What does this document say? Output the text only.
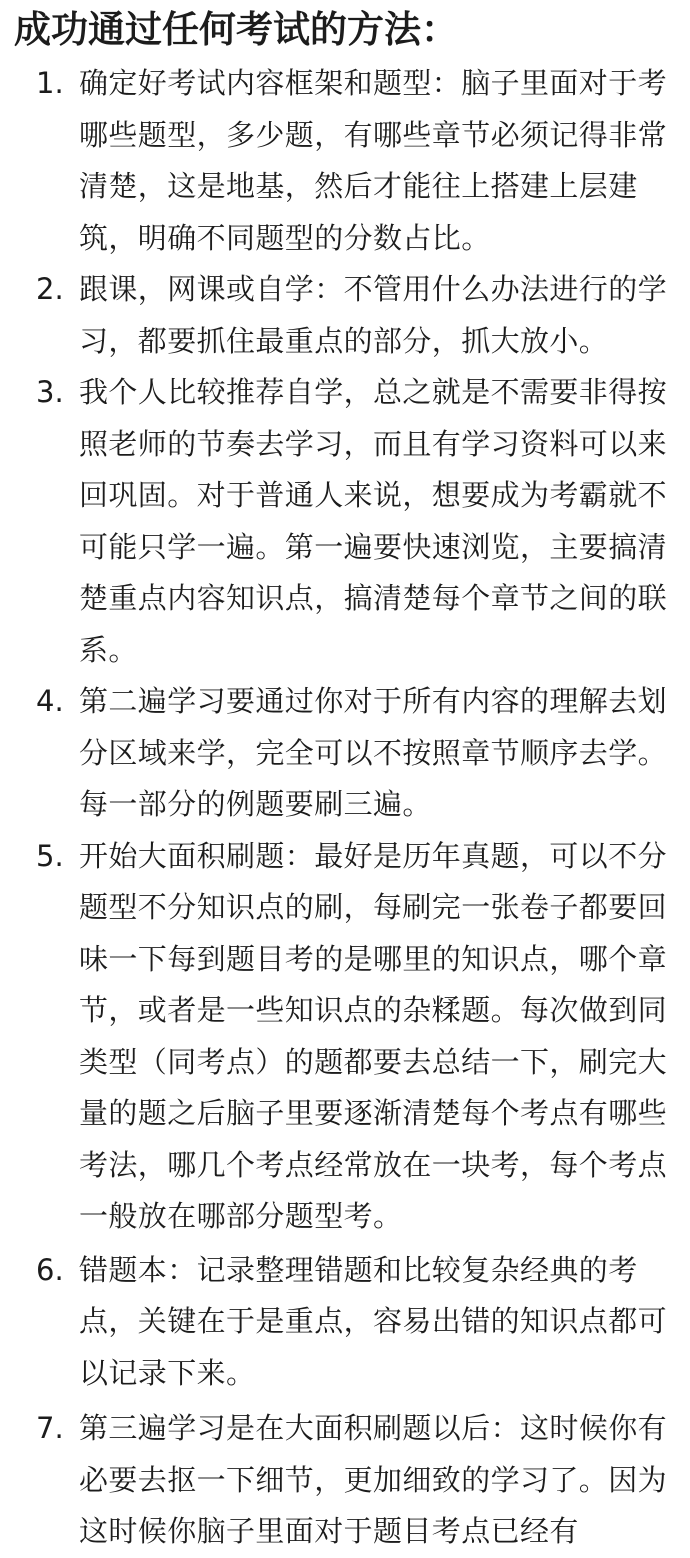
成功通过任何考试的方法：
1. 确定好考试内容框架和题型：脑子里面对于考哪些题型，多少题，有哪些章节必须记得非常清楚，这是地基，然后才能往上搭建上层建筑，明确不同题型的分数占比。
2. 跟课，网课或自学：不管用什么办法进行的学习，都要抓住最重点的部分，抓大放小。
3. 我个人比较推荐自学，总之就是不需要非得按照老师的节奏去学习，而且有学习资料可以来回巩固。对于普通人来说，想要成为考霸就不可能只学一遍。第一遍要快速浏览，主要搞清楚重点内容知识点，搞清楚每个章节之间的联系。
4. 第二遍学习要通过你对于所有内容的理解去划分区域来学，完全可以不按照章节顺序去学。每一部分的例题要刷三遍。
5. 开始大面积刷题：最好是历年真题，可以不分题型不分知识点的刷，每刷完一张卷子都要回味一下每到题目考的是哪里的知识点，哪个章节，或者是一些知识点的杂糅题。每次做到同类型（同考点）的题都要去总结一下，刷完大量的题之后脑子里要逐渐清楚每个考点有哪些考法，哪几个考点经常放在一块考，每个考点一般放在哪部分题型考。
6. 错题本：记录整理错题和比较复杂经典的考点，关键在于是重点，容易出错的知识点都可以记录下来。
7. 第三遍学习是在大面积刷题以后：这时候你有必要去抠一下细节，更加细致的学习了。因为这时候你脑子里面对于题目考点已经有
